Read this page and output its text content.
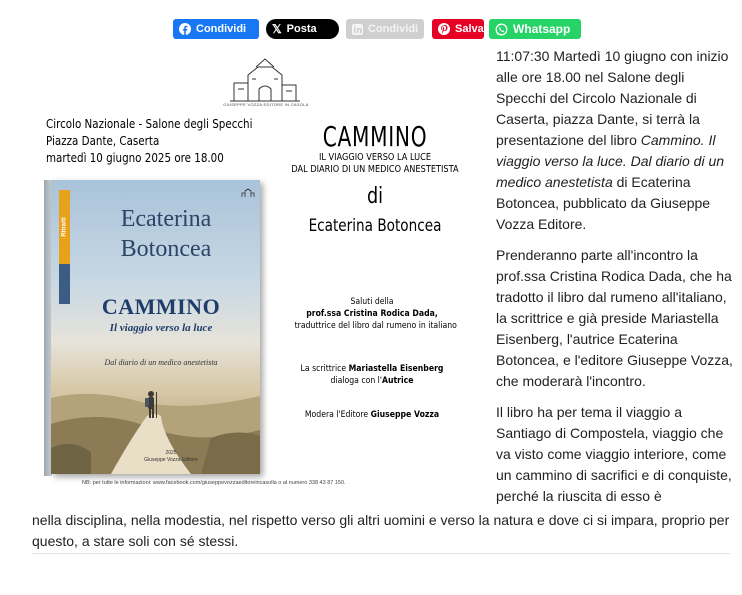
Condividi 𝕏 Posta	Condividi	Salva Whatsapp
GIUSEPPE VOZZA EDITORE IN CASOLA
Circolo Nazionale - Salone degli Specchi
Piazza Dante, Caserta
martedì 10 giugno 2025 ore 18.00
CAMMINO
IL VIAGGIO VERSO LA LUCE
DAL DIARIO DI UN MEDICO ANESTETISTA
di
Ecaterina Botoncea
Saluti della
prof.ssa Cristina Rodica Dada,
traduttrice del libro dal rumeno in italiano
La scrittrice Mariastella Eisenberg
dialoga con l'Autrice
Modera l'Editore Giuseppe Vozza
Ritratti	Ecaterina
Botoncea
CAMMINO
Il viaggio verso la luce
Dal diario di un medico anestetista
2025
Giuseppe Vozza Editore
NB: per tutte le informazioni: www.facebook.com/giuseppevozzaeditoreincasolla o al numero 338 43 87 150.

11:07:30 Martedì 10 giugno con inizio alle ore 18.00 nel Salone degli Specchi del Circolo Nazionale di Caserta, piazza Dante, si terrà la presentazione del libro Cammino. Il viaggio verso la luce. Dal diario di un medico anestetista di Ecaterina Botoncea, pubblicato da Giuseppe Vozza Editore.

Prenderanno parte all'incontro la prof.ssa Cristina Rodica Dada, che ha tradotto il libro dal rumeno all'italiano, la scrittrice e già preside Mariastella Eisenberg, l'autrice Ecaterina Botoncea, e l'editore Giuseppe Vozza, che moderarà l'incontro.

Il libro ha per tema il viaggio a Santiago di Compostela, viaggio che va visto come viaggio interiore, come un cammino di sacrifici e di conquiste, perché la riuscita di esso è

nella disciplina, nella modestia, nel rispetto verso gli altri uomini e verso la natura e dove ci si impara, proprio per questo, a stare soli con sé stessi.
